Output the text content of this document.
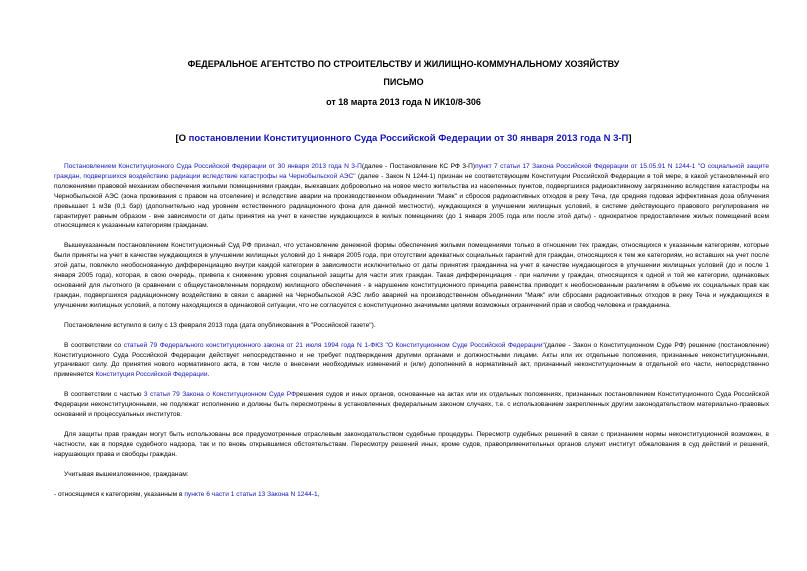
ФЕДЕРАЛЬНОЕ АГЕНТСТВО ПО СТРОИТЕЛЬСТВУ И ЖИЛИЩНО-КОММУНАЛЬНОМУ ХОЗЯЙСТВУ
ПИСЬМО
от 18 марта 2013 года N ИК10/8-306
[О постановлении Конституционного Суда Российской Федерации от 30 января 2013 года N 3-П]

Постановлением Конституционного Суда Российской Федерации от 30 января 2013 года N 3-П(далее - Постановление КС РФ 3-П)пункт 7 статьи 17 Закона Российской Федерации от 15.05.91 N 1244-1 "О социальной защите граждан, подвергшихся воздействию радиации вследствие катастрофы на Чернобыльской АЭС" (далее - Закон N 1244-1) признан не соответствующим Конституции Российской Федерации в той мере, в какой установленный его положениями правовой механизм обеспечения жилыми помещениями граждан, выехавших добровольно на новое место жительства из населенных пунктов, подвергшихся радиоактивному загрязнению вследствие катастрофы на Чернобыльской АЭС (зона проживания с правом на отселение) и вследствие аварии на производственном объединении "Маяк" и сбросов радиоактивных отходов в реку Теча, где средняя годовая эффективная доза облучения превышает 1 мЗв (0,1 бэр) (дополнительно над уровнем естественного радиационного фона для данной местности), нуждающихся в улучшении жилищных условий, в системе действующего правового регулирования не гарантирует равным образом - вне зависимости от даты принятия на учет в качестве нуждающихся в жилых помещениях (до 1 января 2005 года или после этой даты) - однократное предоставление жилых помещений всем относящимся к указанным категориям гражданам.

Вышеуказанным постановлением Конституционный Суд РФ признал, что установление денежной формы обеспечения жилыми помещениями только в отношении тех граждан, относящихся к указанным категориям, которые были приняты на учет в качестве нуждающихся в улучшении жилищных условий до 1 января 2005 года, при отсутствии адекватных социальных гарантий для граждан, относящихся к тем же категориям, но вставших на учет после этой даты, повлекло необоснованную дифференциацию внутри каждой категории в зависимости исключительно от даты принятия гражданина на учет в качестве нуждающегося в улучшении жилищных условий (до и после 1 января 2005 года), которая, в свою очередь, привела к снижению уровня социальной защиты для части этих граждан. Такая дифференциация - при наличии у граждан, относящихся к одной и той же категории, одинаковых оснований для льготного (в сравнении с общеустановленным порядком) жилищного обеспечения - в нарушение конституционного принципа равенства приводит к необоснованным различиям в объеме их социальных прав как граждан, подвергшихся радиационному воздействию в связи с аварией на Чернобыльской АЭС либо аварией на производственном объединении "Маяк" или сбросами радиоактивных отходов в реку Теча и нуждающихся в улучшении жилищных условий, а потому находящихся в одинаковой ситуации, что не согласуется с конституционно значимыми целями возможных ограничений прав и свобод человека и гражданина.

Постановление вступило в силу с 13 февраля 2013 года (дата опубликования в "Российской газете").

В соответствии со статьей 79 Федерального конституционного закона от 21 июля 1994 года N 1-ФКЗ "О Конституционном Суде Российской Федерации"(далее - Закон о Конституционном Суде РФ) решение (постановление) Конституционного Суда Российской Федерации действует непосредственно и не требует подтверждения другими органами и должностными лицами. Акты или их отдельные положения, признанные неконституционными, утрачивают силу. До принятия нового нормативного акта, в том числе о внесении необходимых изменений и (или) дополнений в нормативный акт, признанный неконституционным в отдельной его части, непосредственно применяется Конституция Российской Федерации.

В соответствии с частью 3 статьи 79 Закона о Конституционном Суде РФрешения судов и иных органов, основанные на актах или их отдельных положениях, признанных постановлением Конституционного Суда Российской Федерации неконституционными, не подлежат исполнению и должны быть пересмотрены в установленных федеральным законом случаях, т.е. с использованием закрепленных другим законодательством материально-правовых оснований и процессуальных институтов.

Для защиты прав граждан могут быть использованы все предусмотренные отраслевым законодательством судебные процедуры. Пересмотр судебных решений в связи с признанием нормы неконституционной возможен, в частности, как в порядке судебного надзора, так и по вновь открывшимся обстоятельствам. Пересмотру решений иных, кроме судов, правоприменительных органов служит институт обжалования в суд действий и решений, нарушающих права и свободы граждан.

Учитывая вышеизложенное, гражданам:

- относящимся к категориям, указанным в пункте 6 части 1 статьи 13 Закона N 1244-1,
